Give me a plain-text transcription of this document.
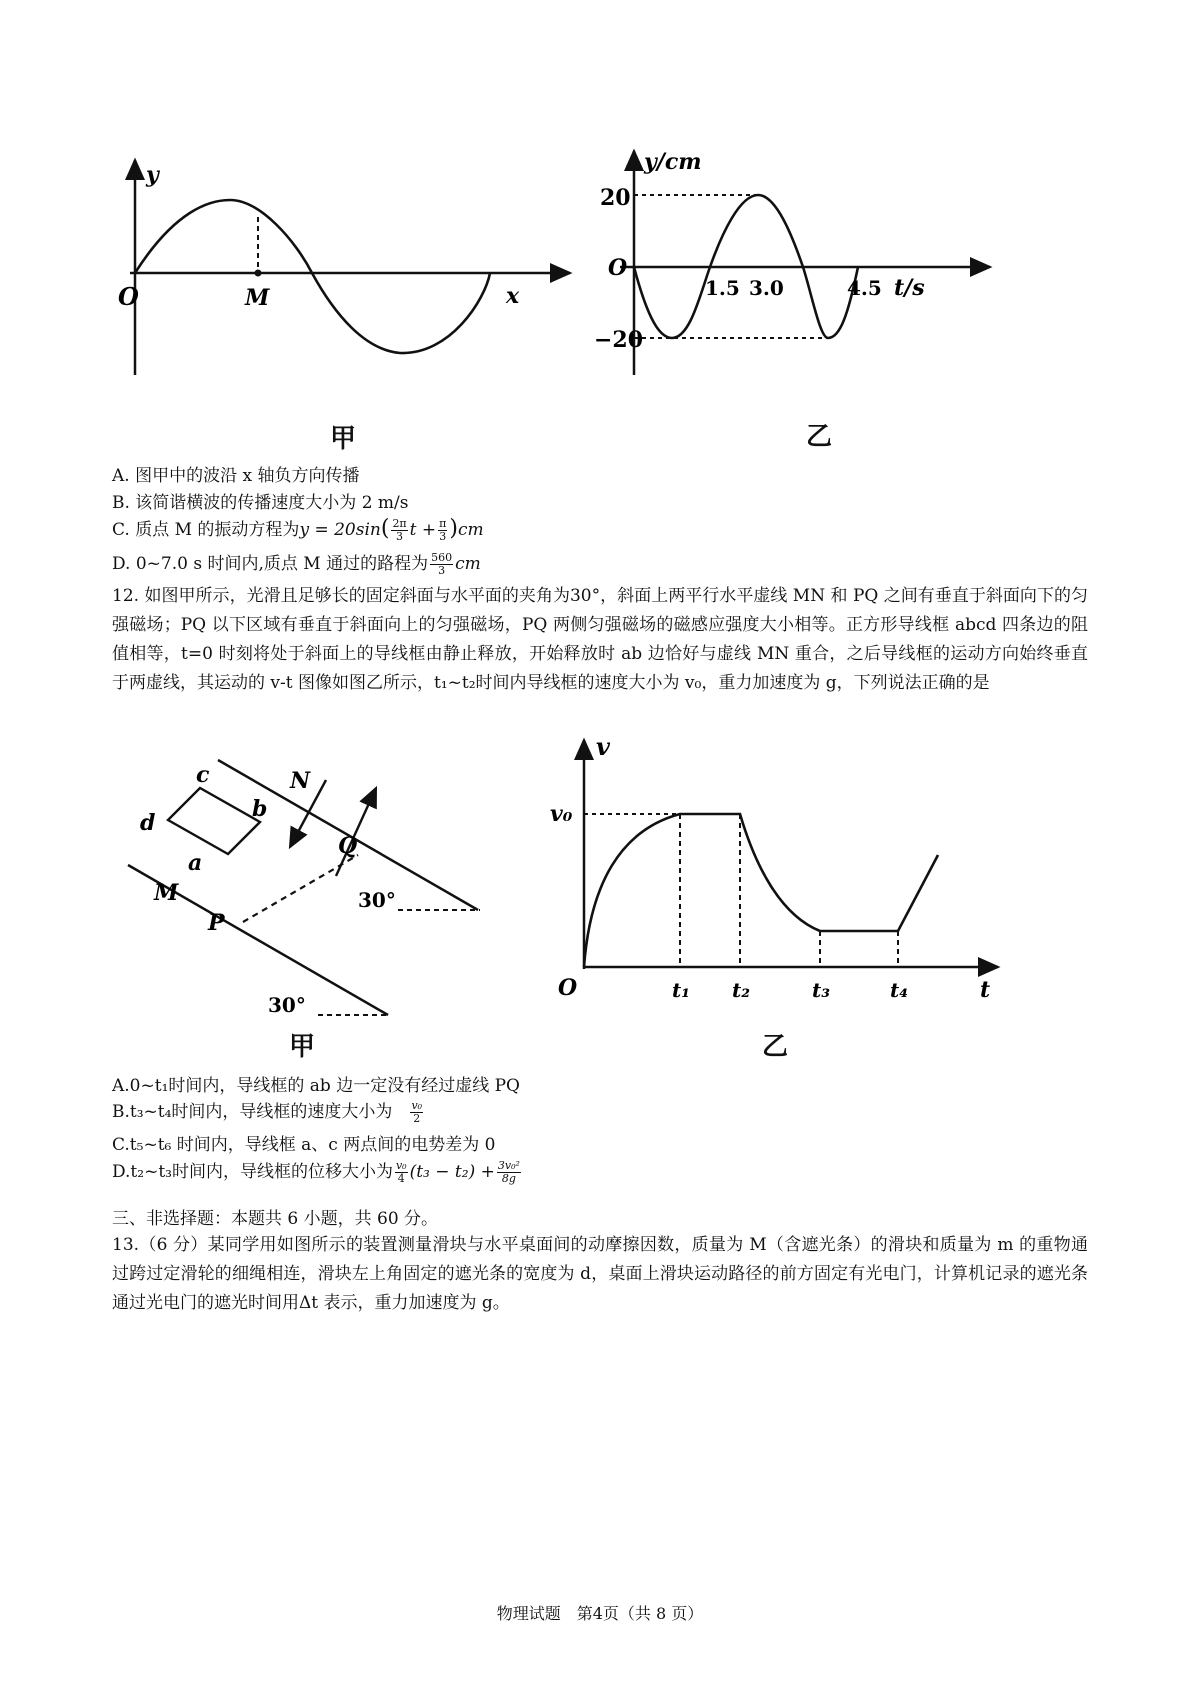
y
x
O	M
甲
y/cm
t/s
O
20
−20
1.5 3.0	4.5
乙
A. 图甲中的波沿 x 轴负方向传播
B. 该简谐横波的传播速度大小为 2 m/s
C. 质点 M 的振动方程为$y = 20\sin( \frac{2\pi}{3}$ $t + \frac{\pi}{3} )cm$
D. 0~7.0 s 时间内,质点 M 通过的路程为 $\frac{560}{3}$ cm
12. 如图甲所示，光滑且足够长的固定斜面与水平面的夹角为30°，斜面上两平行水平虚线 MN 和 PQ 之间有垂直于斜面向下的匀强磁场；PQ 以下区域有垂直于斜面向上的匀强磁场，PQ 两侧匀强磁场的磁感应强度大小相等。正方形导线框 abcd 四条边的阻值相等，t=0 时刻将处于斜面上的导线框由静止释放，开始释放时 ab 边恰好与虚线 MN 重合，之后导线框的运动方向始终垂直于两虚线，其运动的 v-t 图像如图乙所示，t₁~t₂时间内导线框的速度大小为 v₀，重力加速度为 g，下列说法正确的是
c
d
b
a
N
Q
M
P
30°
30°
甲
v
v₀
O	t
t₁ t₂	t₃	t₄
乙
A.0~t₁时间内，导线框的 ab 边一定没有经过虚线 PQ
B.t₃~t₄时间内，导线框的速度大小为 $\frac{\text{v₀}}{2}$
C.t₅~t₆ 时间内，导线框 a、c 两点间的电势差为 0
D.t₂~t₃时间内，导线框的位移大小为 $\frac{\text{v₀}}{4} (t_3 - t_2) + \frac{\text{3v₀²}}{8g}$
三、非选择题：本题共 6 小题，共 60 分。
13.（6 分）某同学用如图所示的装置测量滑块与水平桌面间的动摩擦因数，质量为 M（含遮光条）的滑块和质量为 m 的重物通过跨过定滑轮的细绳相连，滑块左上角固定的遮光条的宽度为 d，桌面上滑块运动路径的前方固定有光电门，计算机记录的遮光条通过光电门的遮光时间用Δt 表示，重力加速度为 g。
物理试题　第4页（共 8 页）
